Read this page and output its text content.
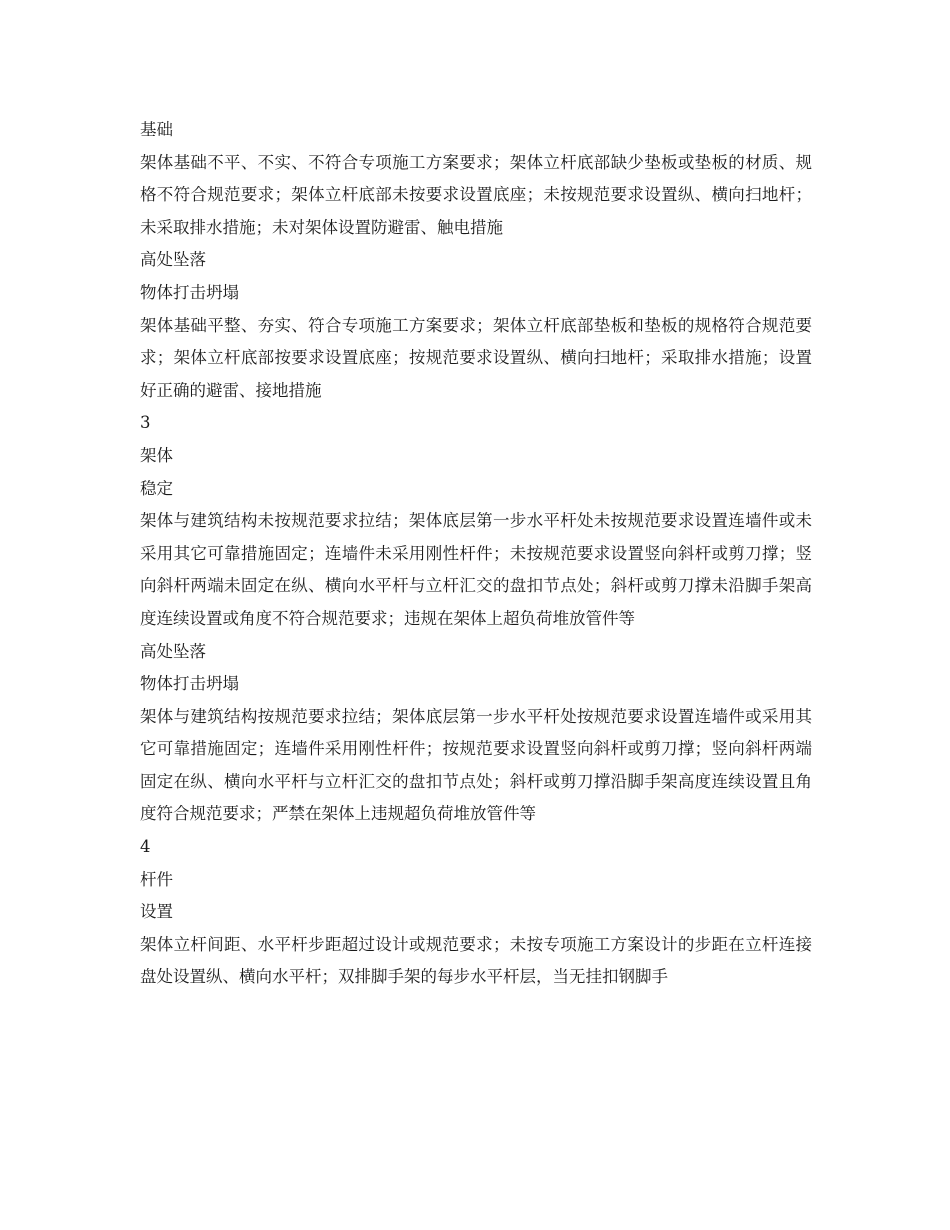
基础
架体基础不平、不实、不符合专项施工方案要求；架体立杆底部缺少垫板或垫板的材质、规格不符合规范要求；架体立杆底部未按要求设置底座；未按规范要求设置纵、横向扫地杆；未采取排水措施；未对架体设置防避雷、触电措施
高处坠落
物体打击坍塌
架体基础平整、夯实、符合专项施工方案要求；架体立杆底部垫板和垫板的规格符合规范要求；架体立杆底部按要求设置底座；按规范要求设置纵、横向扫地杆；采取排水措施；设置好正确的避雷、接地措施
3
架体
稳定
架体与建筑结构未按规范要求拉结；架体底层第一步水平杆处未按规范要求设置连墙件或未采用其它可靠措施固定；连墙件未采用刚性杆件；未按规范要求设置竖向斜杆或剪刀撑；竖向斜杆两端未固定在纵、横向水平杆与立杆汇交的盘扣节点处；斜杆或剪刀撑未沿脚手架高度连续设置或角度不符合规范要求；违规在架体上超负荷堆放管件等
高处坠落
物体打击坍塌
架体与建筑结构按规范要求拉结；架体底层第一步水平杆处按规范要求设置连墙件或采用其它可靠措施固定；连墙件采用刚性杆件；按规范要求设置竖向斜杆或剪刀撑；竖向斜杆两端固定在纵、横向水平杆与立杆汇交的盘扣节点处；斜杆或剪刀撑沿脚手架高度连续设置且角度符合规范要求；严禁在架体上违规超负荷堆放管件等
4
杆件
设置
架体立杆间距、水平杆步距超过设计或规范要求；未按专项施工方案设计的步距在立杆连接盘处设置纵、横向水平杆；双排脚手架的每步水平杆层，当无挂扣钢脚手
